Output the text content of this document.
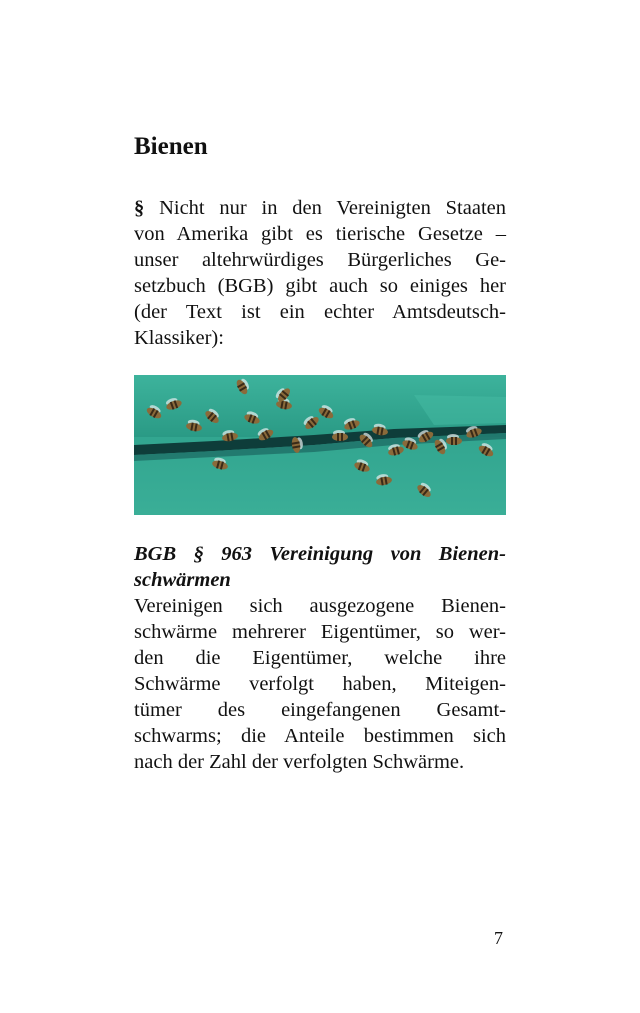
Bienen
§ Nicht nur in den Vereinigten Staaten
von Amerika gibt es tierische Gesetze –
unser altehrwürdiges Bürgerliches Ge-
setzbuch (BGB) gibt auch so einiges her
(der Text ist ein echter Amtsdeutsch-
Klassiker):
BGB § 963 Vereinigung von Bienen-
schwärmen
Vereinigen sich ausgezogene Bienen-
schwärme mehrerer Eigentümer, so wer-
den die Eigentümer, welche ihre
Schwärme verfolgt haben, Miteigen-
tümer des eingefangenen Gesamt-
schwarms; die Anteile bestimmen sich
nach der Zahl der verfolgten Schwärme.
7
